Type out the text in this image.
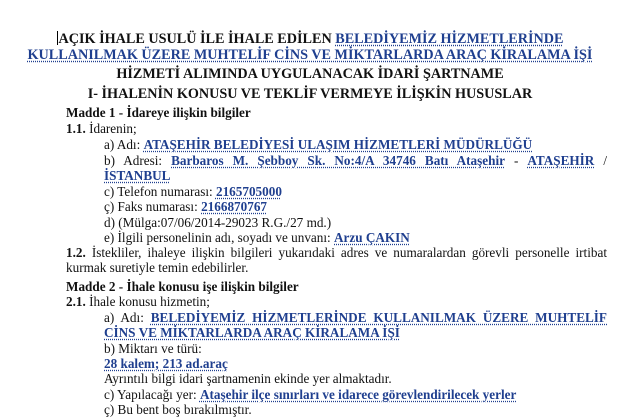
AÇIK İHALE USULÜ İLE İHALE EDİLEN BELEDİYEMİZ HİZMETLERİNDE
KULLANILMAK ÜZERE MUHTELİF CİNS VE MİKTARLARDA ARAÇ KİRALAMA İŞİ
HİZMETİ ALIMINDA UYGULANACAK İDARİ ŞARTNAME
I- İHALENİN KONUSU VE TEKLİF VERMEYE İLİŞKİN HUSUSLAR
Madde 1 - İdareye ilişkin bilgiler
1.1. İdarenin;
a) Adı: ATAŞEHİR BELEDİYESİ ULAŞIM HİZMETLERİ MÜDÜRLÜĞÜ
b) Adresi: Barbaros M. Şebboy Sk. No:4/A 34746 Batı Ataşehir - ATAŞEHİR /
İSTANBUL
c) Telefon numarası: 2165705000
ç) Faks numarası: 2166870767
d) (Mülga:07/06/2014-29023 R.G./27 md.)
e) İlgili personelinin adı, soyadı ve unvanı: Arzu ÇAKIN
1.2. İstekliler, ihaleye ilişkin bilgileri yukarıdaki adres ve numaralardan görevli personelle irtibat
kurmak suretiyle temin edebilirler.
Madde 2 - İhale konusu işe ilişkin bilgiler
2.1. İhale konusu hizmetin;
a) Adı: BELEDİYEMİZ HİZMETLERİNDE KULLANILMAK ÜZERE MUHTELİF
CİNS VE MİKTARLARDA ARAÇ KİRALAMA İŞİ
b) Miktarı ve türü:
28 kalem; 213 ad.araç
Ayrıntılı bilgi idari şartnamenin ekinde yer almaktadır.
c) Yapılacağı yer: Ataşehir ilçe sınırları ve idarece görevlendirilecek yerler
ç) Bu bent boş bırakılmıştır.
